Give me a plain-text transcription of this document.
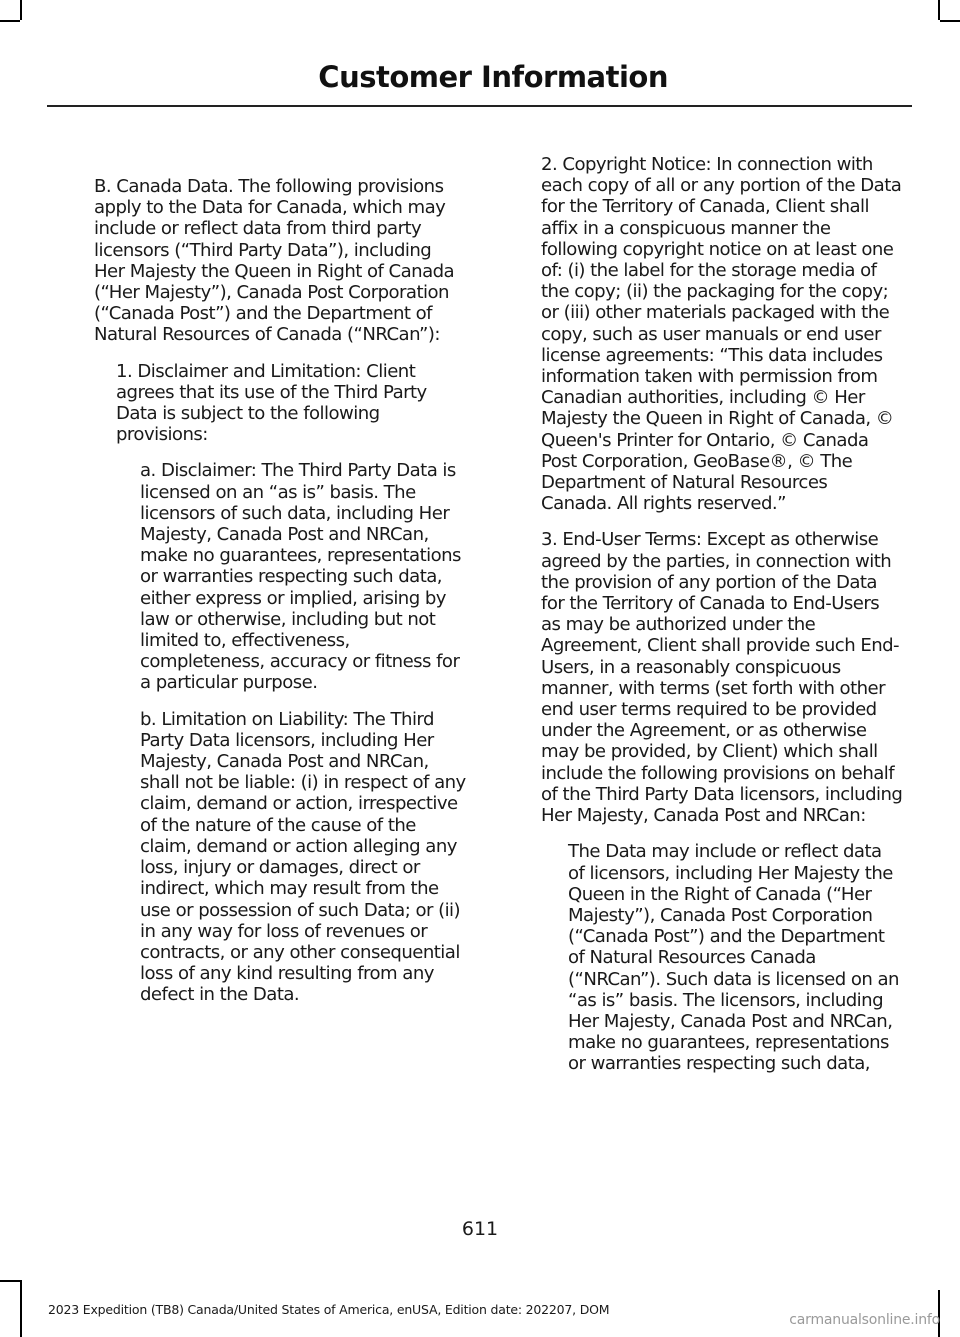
Customer Information

B. Canada Data. The following provisions apply to the Data for Canada, which may include or reflect data from third party licensors (“Third Party Data”), including Her Majesty the Queen in Right of Canada (“Her Majesty”), Canada Post Corporation (“Canada Post”) and the Department of Natural Resources of Canada (“NRCan”):

1. Disclaimer and Limitation: Client agrees that its use of the Third Party Data is subject to the following provisions:

a. Disclaimer: The Third Party Data is licensed on an “as is” basis. The licensors of such data, including Her Majesty, Canada Post and NRCan, make no guarantees, representations or warranties respecting such data, either express or implied, arising by law or otherwise, including but not limited to, effectiveness, completeness, accuracy or fitness for a particular purpose.

b. Limitation on Liability: The Third Party Data licensors, including Her Majesty, Canada Post and NRCan, shall not be liable: (i) in respect of any claim, demand or action, irrespective of the nature of the cause of the claim, demand or action alleging any loss, injury or damages, direct or indirect, which may result from the use or possession of such Data; or (ii) in any way for loss of revenues or contracts, or any other consequential loss of any kind resulting from any defect in the Data.

2. Copyright Notice: In connection with each copy of all or any portion of the Data for the Territory of Canada, Client shall affix in a conspicuous manner the following copyright notice on at least one of: (i) the label for the storage media of the copy; (ii) the packaging for the copy; or (iii) other materials packaged with the copy, such as user manuals or end user license agreements: “This data includes information taken with permission from Canadian authorities, including © Her Majesty the Queen in Right of Canada, © Queen's Printer for Ontario, © Canada Post Corporation, GeoBase®, © The Department of Natural Resources Canada. All rights reserved.”

3. End-User Terms: Except as otherwise agreed by the parties, in connection with the provision of any portion of the Data for the Territory of Canada to End-Users as may be authorized under the Agreement, Client shall provide such End-Users, in a reasonably conspicuous manner, with terms (set forth with other end user terms required to be provided under the Agreement, or as otherwise may be provided, by Client) which shall include the following provisions on behalf of the Third Party Data licensors, including Her Majesty, Canada Post and NRCan:

The Data may include or reflect data of licensors, including Her Majesty the Queen in the Right of Canada (“Her Majesty”), Canada Post Corporation (“Canada Post”) and the Department of Natural Resources Canada (“NRCan”). Such data is licensed on an “as is” basis. The licensors, including Her Majesty, Canada Post and NRCan, make no guarantees, representations or warranties respecting such data,

611
2023 Expedition (TB8) Canada/United States of America, enUSA, Edition date: 202207, DOM
carmanualsonline.info
